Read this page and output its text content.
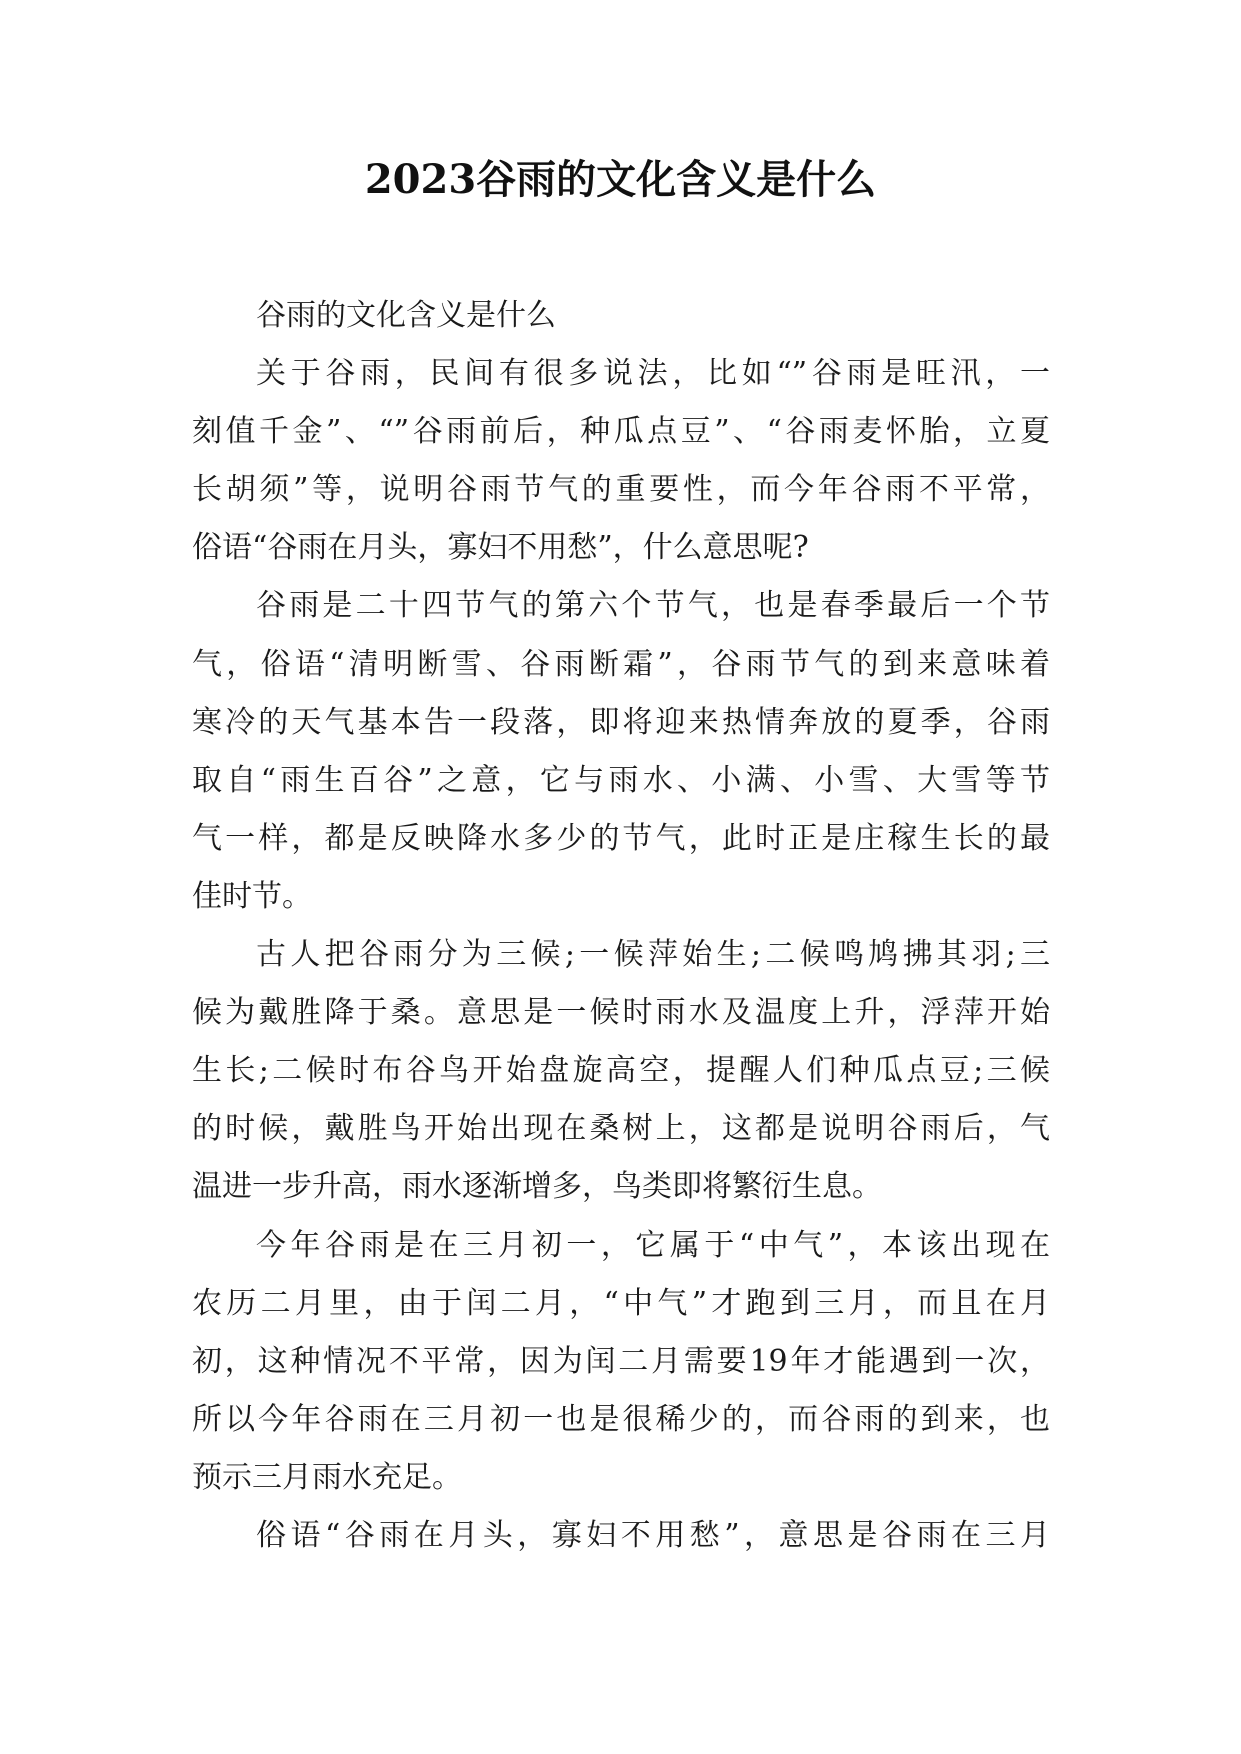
2023谷雨的文化含义是什么
谷雨的文化含义是什么
关于谷雨，民间有很多说法，比如“”谷雨是旺汛，一
刻值千金”、“”谷雨前后，种瓜点豆”、“谷雨麦怀胎，立夏
长胡须”等，说明谷雨节气的重要性，而今年谷雨不平常，
俗语“谷雨在月头，寡妇不用愁”，什么意思呢?
谷雨是二十四节气的第六个节气，也是春季最后一个节
气，俗语“清明断雪、谷雨断霜”，谷雨节气的到来意味着
寒冷的天气基本告一段落，即将迎来热情奔放的夏季，谷雨
取自“雨生百谷”之意，它与雨水、小满、小雪、大雪等节
气一样，都是反映降水多少的节气，此时正是庄稼生长的最
佳时节。
古人把谷雨分为三候;一候萍始生;二候鸣鸠拂其羽;三
候为戴胜降于桑。意思是一候时雨水及温度上升，浮萍开始
生长;二候时布谷鸟开始盘旋高空，提醒人们种瓜点豆;三候
的时候，戴胜鸟开始出现在桑树上，这都是说明谷雨后，气
温进一步升高，雨水逐渐增多，鸟类即将繁衍生息。
今年谷雨是在三月初一，它属于“中气”，本该出现在
农历二月里，由于闰二月，“中气”才跑到三月，而且在月
初，这种情况不平常，因为闰二月需要19年才能遇到一次，
所以今年谷雨在三月初一也是很稀少的，而谷雨的到来，也
预示三月雨水充足。
俗语“谷雨在月头，寡妇不用愁”，意思是谷雨在三月
